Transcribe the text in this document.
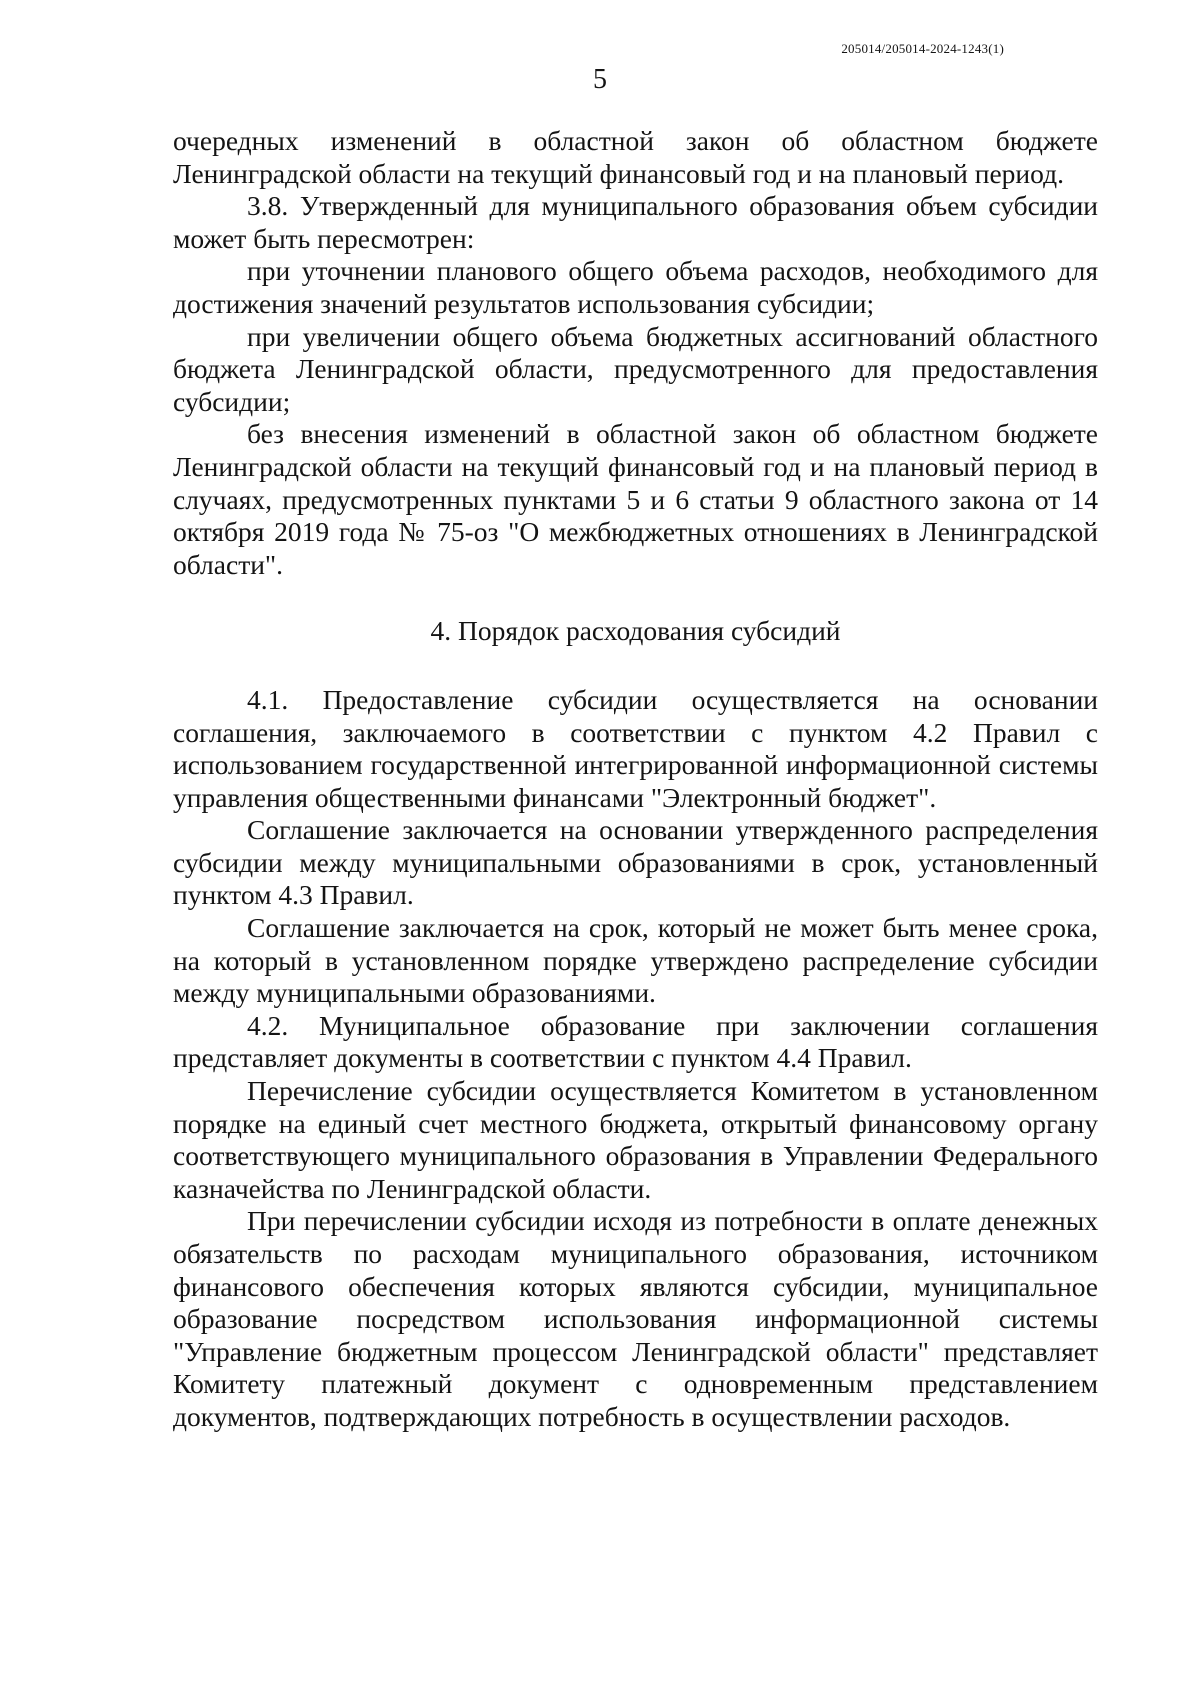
205014/205014-2024-1243(1)
5

очередных изменений в областной закон об областном бюджете Ленинградской области на текущий финансовый год и на плановый период.

3.8. Утвержденный для муниципального образования объем субсидии может быть пересмотрен:

при уточнении планового общего объема расходов, необходимого для достижения значений результатов использования субсидии;

при увеличении общего объема бюджетных ассигнований областного бюджета Ленинградской области, предусмотренного для предоставления субсидии;

без внесения изменений в областной закон об областном бюджете Ленинградской области на текущий финансовый год и на плановый период в случаях, предусмотренных пунктами 5 и 6 статьи 9 областного закона от 14 октября 2019 года № 75-оз "О межбюджетных отношениях в Ленинградской области".

4. Порядок расходования субсидий

4.1. Предоставление субсидии осуществляется на основании соглашения, заключаемого в соответствии с пунктом 4.2 Правил с использованием государственной интегрированной информационной системы управления общественными финансами "Электронный бюджет".

Соглашение заключается на основании утвержденного распределения субсидии между муниципальными образованиями в срок, установленный пунктом 4.3 Правил.

Соглашение заключается на срок, который не может быть менее срока, на который в установленном порядке утверждено распределение субсидии между муниципальными образованиями.

4.2. Муниципальное образование при заключении соглашения представляет документы в соответствии с пунктом 4.4 Правил.

Перечисление субсидии осуществляется Комитетом в установленном порядке на единый счет местного бюджета, открытый финансовому органу соответствующего муниципального образования в Управлении Федерального казначейства по Ленинградской области.

При перечислении субсидии исходя из потребности в оплате денежных обязательств по расходам муниципального образования, источником финансового обеспечения которых являются субсидии, муниципальное образование посредством использования информационной системы "Управление бюджетным процессом Ленинградской области" представляет Комитету платежный документ с одновременным представлением документов, подтверждающих потребность в осуществлении расходов.
